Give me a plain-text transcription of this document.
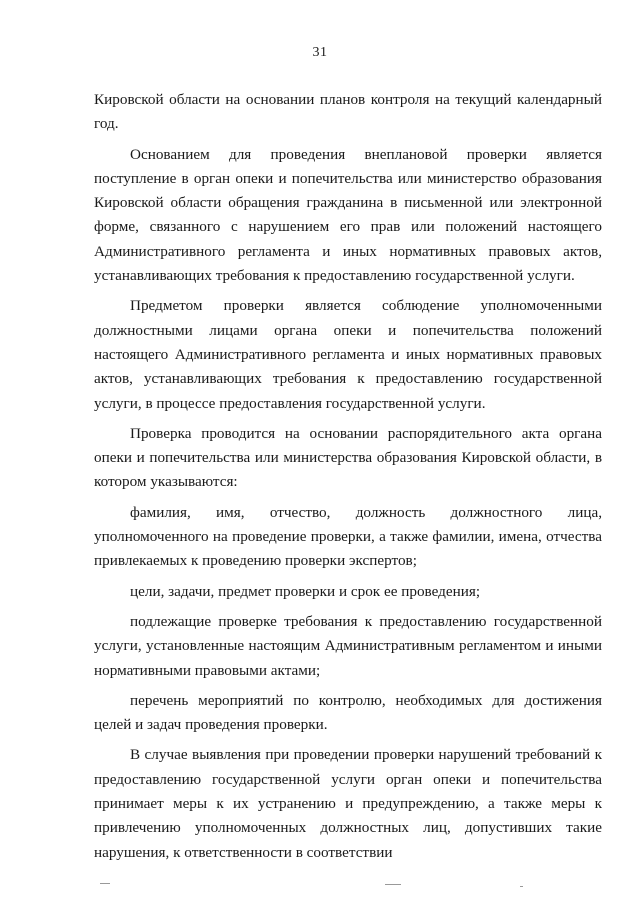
31

Кировской области на основании планов контроля на текущий календарный год.

Основанием для проведения внеплановой проверки является поступление в орган опеки и попечительства или министерство образования Кировской области обращения гражданина в письменной или электронной форме, связанного с нарушением его прав или положений настоящего Административного регламента и иных нормативных правовых актов, устанавливающих требования к предоставлению государственной услуги.

Предметом проверки является соблюдение уполномоченными должностными лицами органа опеки и попечительства положений настоящего Административного регламента и иных нормативных правовых актов, устанавливающих требования к предоставлению государственной услуги, в процессе предоставления государственной услуги.

Проверка проводится на основании распорядительного акта органа опеки и попечительства или министерства образования Кировской области, в котором указываются:

фамилия, имя, отчество, должность должностного лица, уполномоченного на проведение проверки, а также фамилии, имена, отчества привлекаемых к проведению проверки экспертов;

цели, задачи, предмет проверки и срок ее проведения;

подлежащие проверке требования к предоставлению государственной услуги, установленные настоящим Административным регламентом и иными нормативными правовыми актами;

перечень мероприятий по контролю, необходимых для достижения целей и задач проведения проверки.

В случае выявления при проведении проверки нарушений требований к предоставлению государственной услуги орган опеки и попечительства принимает меры к их устранению и предупреждению, а также меры к привлечению уполномоченных должностных лиц, допустивших такие нарушения, к ответственности в соответствии
